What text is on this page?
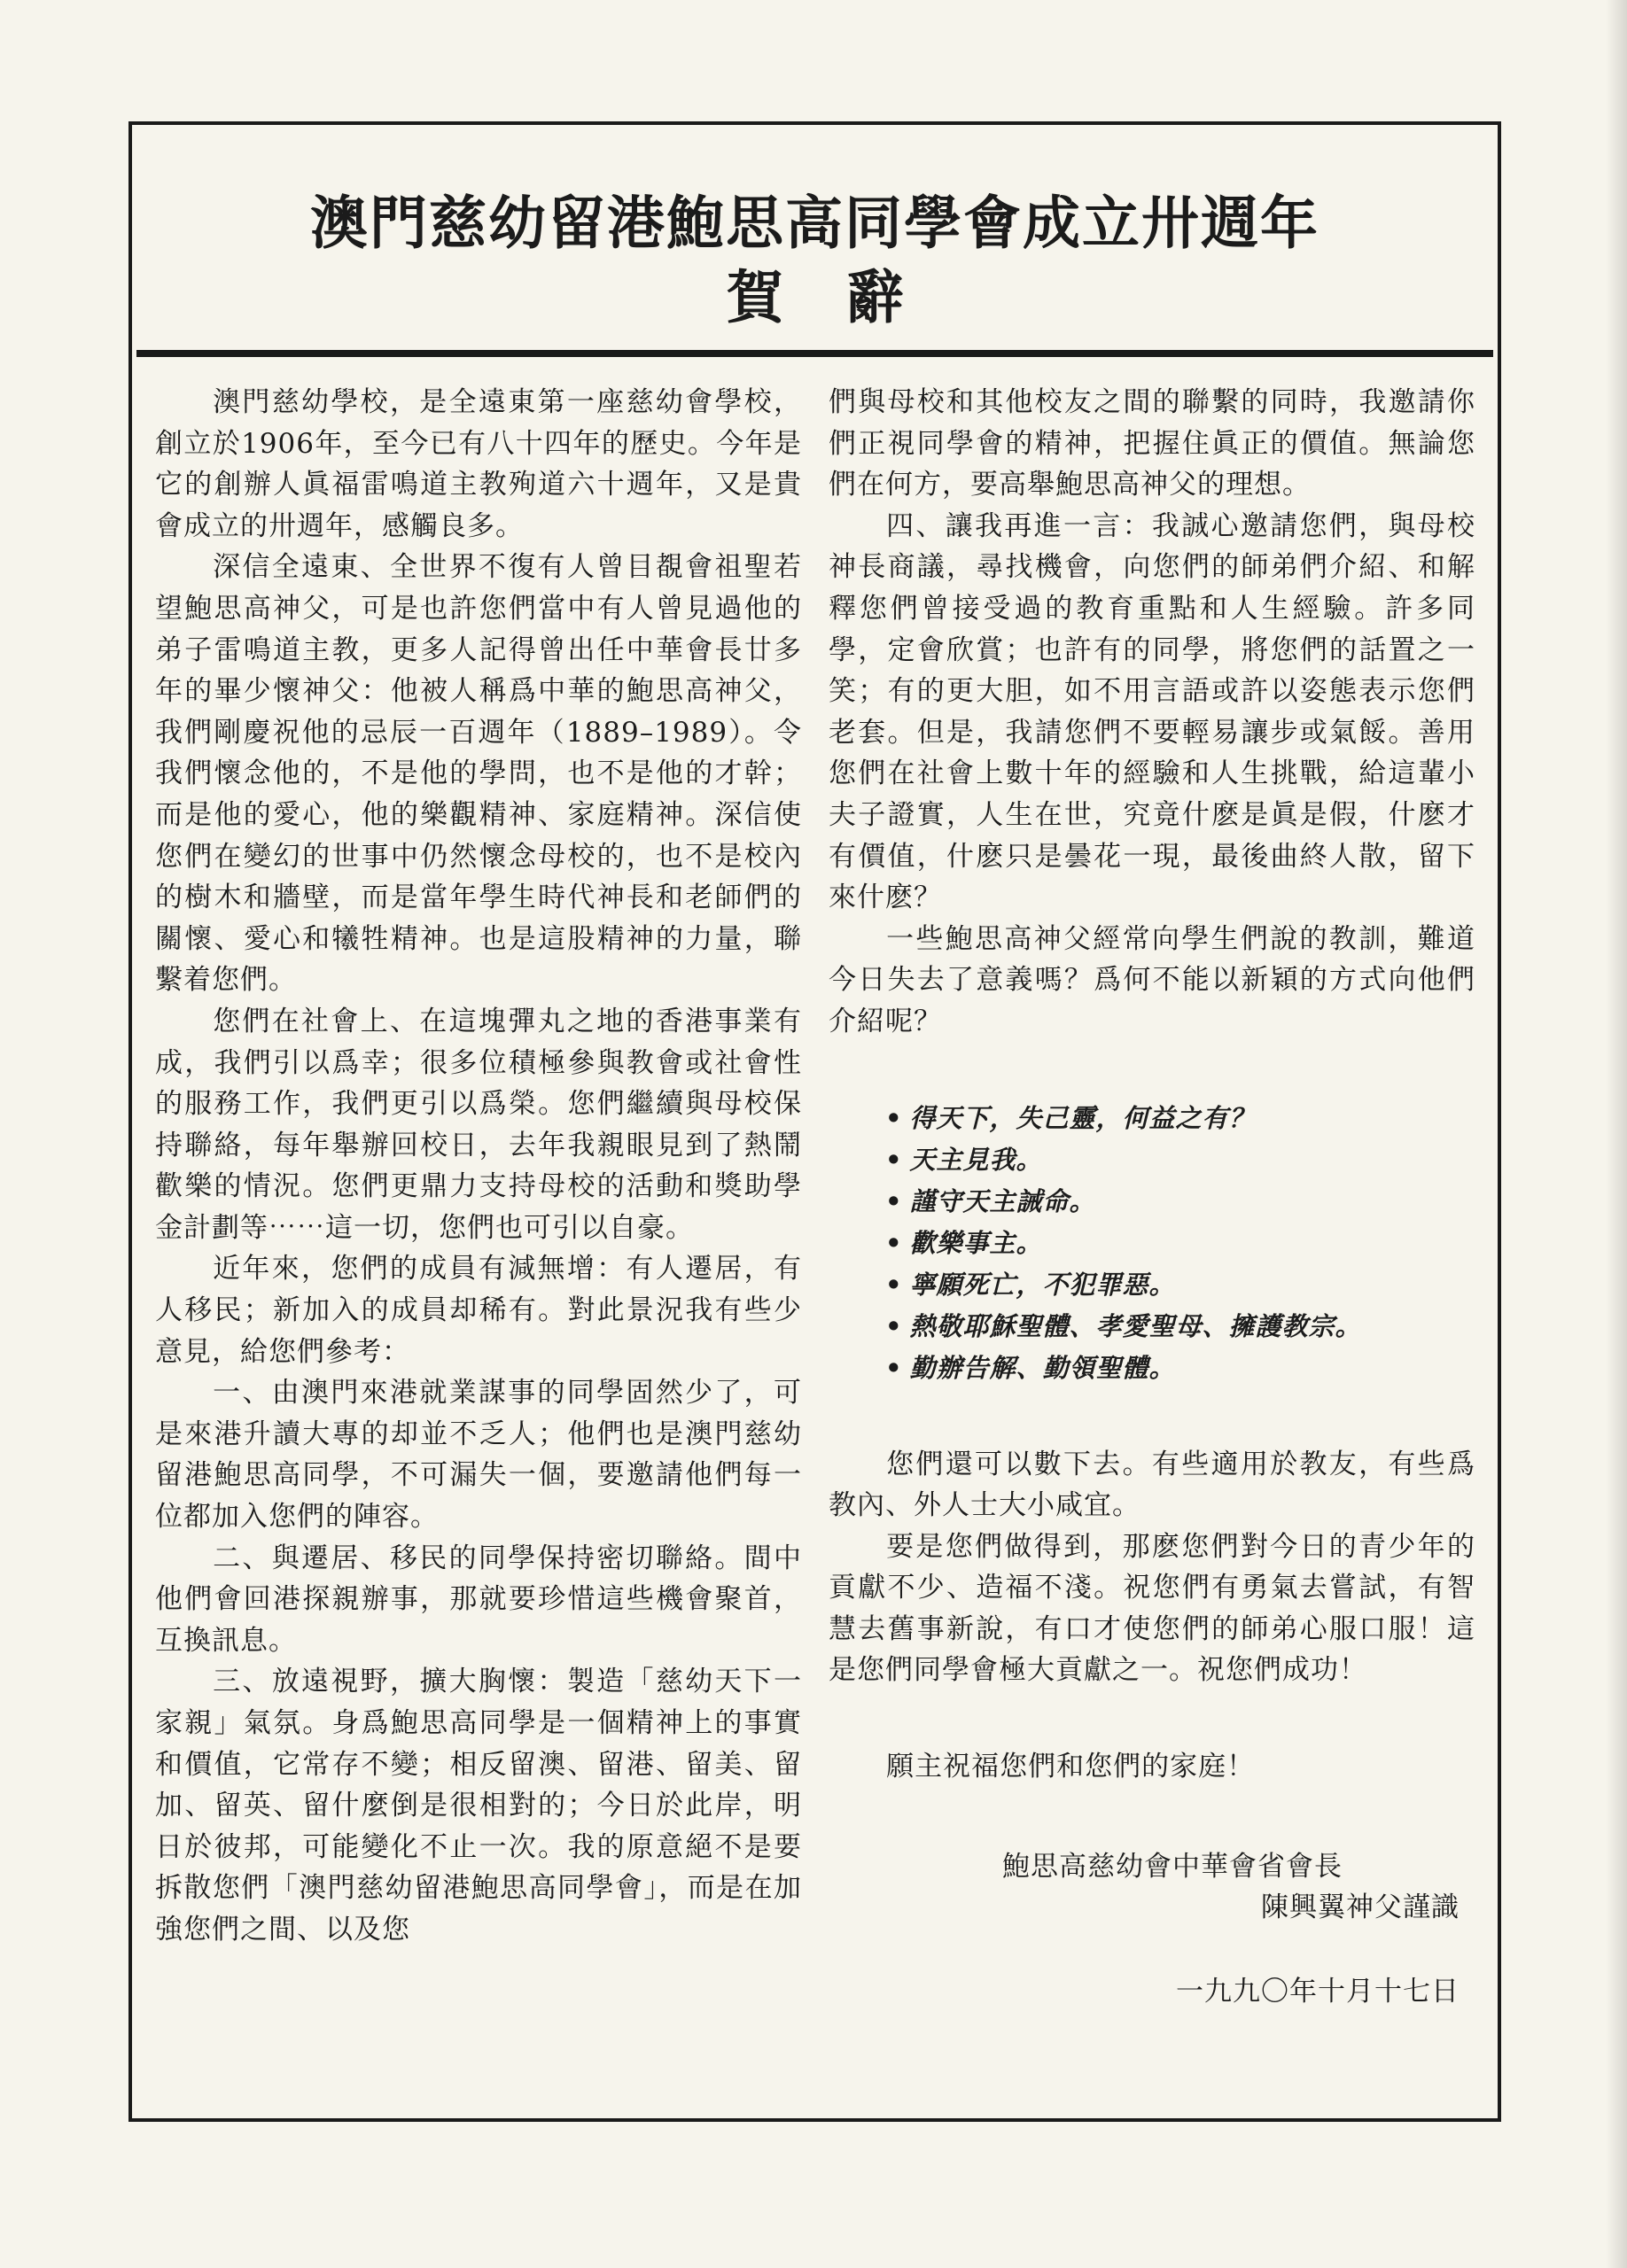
澳門慈幼留港鮑思高同學會成立卅週年
賀辭

澳門慈幼學校，是全遠東第一座慈幼會學校，創立於1906年，至今已有八十四年的歷史。今年是它的創辦人眞福雷鳴道主教殉道六十週年，又是貴會成立的卅週年，感觸良多。

深信全遠東、全世界不復有人曾目覩會祖聖若望鮑思高神父，可是也許您們當中有人曾見過他的弟子雷鳴道主教，更多人記得曾出任中華會長廿多年的畢少懷神父：他被人稱爲中華的鮑思高神父，我們剛慶祝他的忌辰一百週年（1889–1989）。令我們懷念他的，不是他的學問，也不是他的才幹；而是他的愛心，他的樂觀精神、家庭精神。深信使您們在變幻的世事中仍然懷念母校的，也不是校內的樹木和牆壁，而是當年學生時代神長和老師們的關懷、愛心和犧牲精神。也是這股精神的力量，聯繫着您們。

您們在社會上、在這塊彈丸之地的香港事業有成，我們引以爲幸；很多位積極參與教會或社會性的服務工作，我們更引以爲榮。您們繼續與母校保持聯絡，每年舉辦回校日，去年我親眼見到了熱鬧歡樂的情況。您們更鼎力支持母校的活動和獎助學金計劃等⋯⋯這一切，您們也可引以自豪。

近年來，您們的成員有減無增：有人遷居，有人移民；新加入的成員却稀有。對此景況我有些少意見，給您們參考：

一、由澳門來港就業謀事的同學固然少了，可是來港升讀大專的却並不乏人；他們也是澳門慈幼留港鮑思高同學，不可漏失一個，要邀請他們每一位都加入您們的陣容。

二、與遷居、移民的同學保持密切聯絡。間中他們會回港探親辦事，那就要珍惜這些機會聚首，互換訊息。

三、放遠視野，擴大胸懷：製造「慈幼天下一家親」氣氛。身爲鮑思高同學是一個精神上的事實和價值，它常存不變；相反留澳、留港、留美、留加、留英、留什麼倒是很相對的；今日於此岸，明日於彼邦，可能變化不止一次。我的原意絕不是要拆散您們「澳門慈幼留港鮑思高同學會」，而是在加強您們之間、以及您

們與母校和其他校友之間的聯繫的同時，我邀請你們正視同學會的精神，把握住眞正的價值。無論您們在何方，要高舉鮑思高神父的理想。

四、讓我再進一言：我誠心邀請您們，與母校神長商議，尋找機會，向您們的師弟們介紹、和解釋您們曾接受過的教育重點和人生經驗。許多同學，定會欣賞；也許有的同學，將您們的話置之一笑；有的更大胆，如不用言語或許以姿態表示您們老套。但是，我請您們不要輕易讓步或氣餒。善用您們在社會上數十年的經驗和人生挑戰，給這輩小夫子證實，人生在世，究竟什麽是眞是假，什麽才有價值，什麽只是曇花一現，最後曲終人散，留下來什麽？

一些鮑思高神父經常向學生們說的教訓，難道今日失去了意義嗎？爲何不能以新穎的方式向他們介紹呢？

• 得天下，失己靈，何益之有？
• 天主見我。
• 謹守天主誡命。
• 歡樂事主。
• 寧願死亡，不犯罪惡。
• 熱敬耶穌聖體、孝愛聖母、擁護教宗。
• 勤辦告解、勤領聖體。

您們還可以數下去。有些適用於教友，有些爲教內、外人士大小咸宜。

要是您們做得到，那麽您們對今日的青少年的貢獻不少、造福不淺。祝您們有勇氣去嘗試，有智慧去舊事新說，有口才使您們的師弟心服口服！這是您們同學會極大貢獻之一。祝您們成功！

願主祝福您們和您們的家庭！

鮑思高慈幼會中華會省會長

陳興翼神父謹識

一九九〇年十月十七日
